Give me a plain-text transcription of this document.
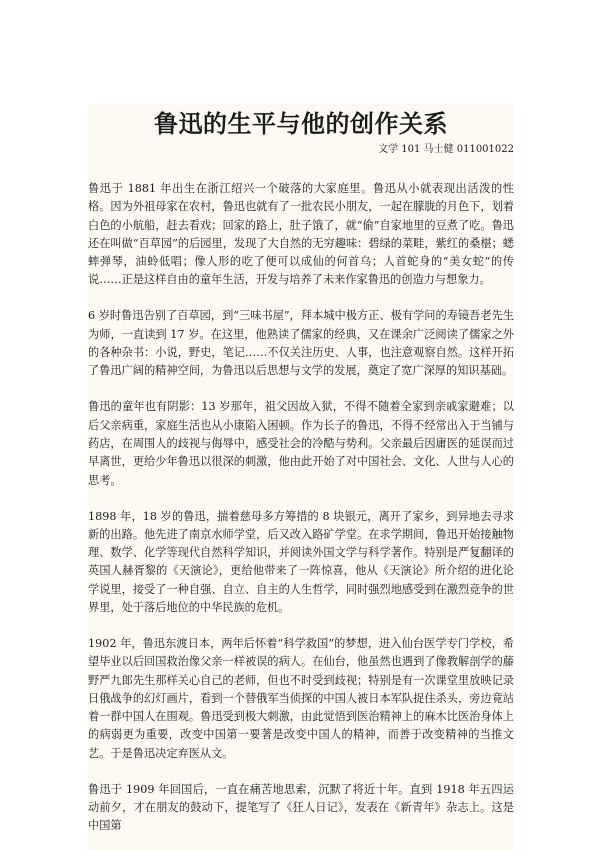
鲁迅的生平与他的创作关系

文学 101 马士健 011001022

鲁迅于 1881 年出生在浙江绍兴一个破落的大家庭里。鲁迅从小就表现出活泼的性格。因为外祖母家在农村，鲁迅也就有了一批农民小朋友，一起在朦胧的月色下，划着白色的小航船，赶去看戏；回家的路上，肚子饿了，就“偷”自家地里的豆煮了吃。鲁迅还在叫做“百草园”的后园里，发现了大自然的无穷趣味：碧绿的菜畦，紫红的桑椹；蟋蟀弹琴，油蛉低唱；像人形的吃了便可以成仙的何首乌；人首蛇身的“美女蛇”的传说……正是这样自由的童年生活，开发与培养了未来作家鲁迅的创造力与想象力。

6 岁时鲁迅告别了百草园，到“三味书屋”，拜本城中极方正、极有学问的寿镜吾老先生为师，一直读到 17 岁。在这里，他熟读了儒家的经典，又在课余广泛阅读了儒家之外的各种杂书：小说，野史，笔记……不仅关注历史、人事，也注意观察自然。这样开拓了鲁迅广阔的精神空间，为鲁迅以后思想与文学的发展，奠定了宽广深厚的知识基础。

鲁迅的童年也有阴影：13 岁那年，祖父因故入狱，不得不随着全家到亲戚家避难；以后父亲病重，家庭生活也从小康陷入困顿。作为长子的鲁迅，不得不经常出入于当铺与药店，在周围人的歧视与侮辱中，感受社会的冷酷与势利。父亲最后因庸医的延误而过早离世，更给少年鲁迅以很深的刺激，他由此开始了对中国社会、文化、人世与人心的思考。

1898 年，18 岁的鲁迅，揣着慈母多方筹措的 8 块银元，离开了家乡，到异地去寻求新的出路。他先进了南京水师学堂，后又改入路矿学堂。在求学期间，鲁迅开始接触物理、数学、化学等现代自然科学知识，并阅读外国文学与科学著作。特别是严复翻译的英国人赫胥黎的《天演论》，更给他带来了一阵惊喜，他从《天演论》所介绍的进化论学说里，接受了一种自强、自立、自主的人生哲学，同时强烈地感受到在激烈竞争的世界里，处于落后地位的中华民族的危机。

1902 年，鲁迅东渡日本，两年后怀着“科学救国”的梦想，进入仙台医学专门学校，希望毕业以后回国救治像父亲一样被误的病人。在仙台，他虽然也遇到了像教解剖学的藤野严九郎先生那样关心自己的老师，但也不时受到歧视；特别是有一次课堂里放映记录日俄战争的幻灯画片，看到一个替俄军当侦探的中国人被日本军队捉住杀头，旁边竟站着一群中国人在围观。鲁迅受到极大刺激，由此觉悟到医治精神上的麻木比医治身体上的病弱更为重要，改变中国第一要著是改变中国人的精神，而善于改变精神的当推文艺。于是鲁迅决定弃医从文。

鲁迅于 1909 年回国后，一直在痛苦地思索，沉默了将近十年。直到 1918 年五四运动前夕，才在朋友的鼓动下，提笔写了《狂人日记》，发表在《新青年》杂志上。这是中国第
